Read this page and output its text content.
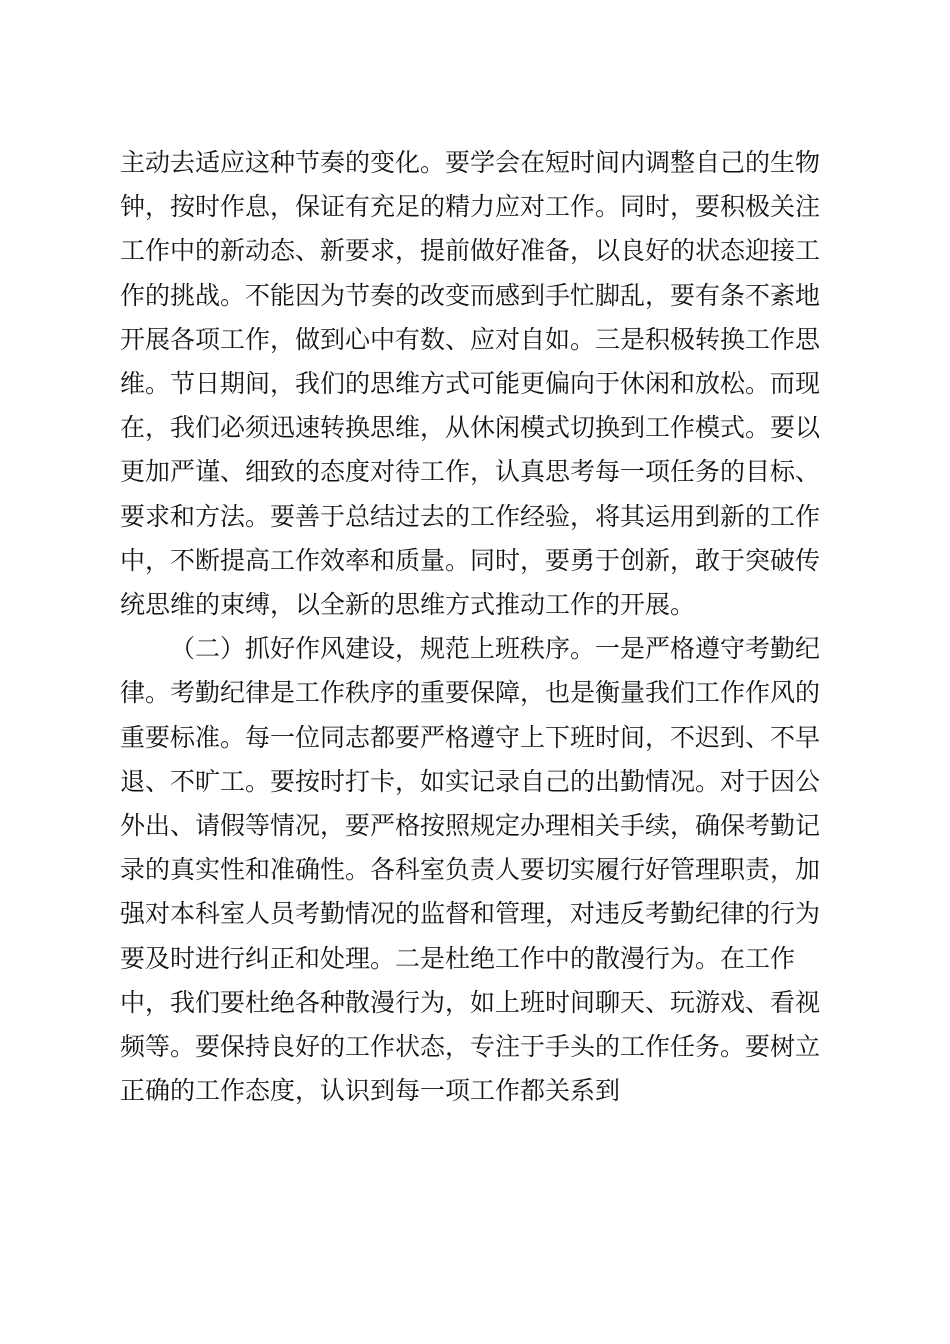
主动去适应这种节奏的变化。要学会在短时间内调整自己的生物钟，按时作息，保证有充足的精力应对工作。同时，要积极关注工作中的新动态、新要求，提前做好准备，以良好的状态迎接工作的挑战。不能因为节奏的改变而感到手忙脚乱，要有条不紊地开展各项工作，做到心中有数、应对自如。三是积极转换工作思维。节日期间，我们的思维方式可能更偏向于休闲和放松。而现在，我们必须迅速转换思维，从休闲模式切换到工作模式。要以更加严谨、细致的态度对待工作，认真思考每一项任务的目标、要求和方法。要善于总结过去的工作经验，将其运用到新的工作中，不断提高工作效率和质量。同时，要勇于创新，敢于突破传统思维的束缚，以全新的思维方式推动工作的开展。

（二）抓好作风建设，规范上班秩序。一是严格遵守考勤纪律。考勤纪律是工作秩序的重要保障，也是衡量我们工作作风的重要标准。每一位同志都要严格遵守上下班时间，不迟到、不早退、不旷工。要按时打卡，如实记录自己的出勤情况。对于因公外出、请假等情况，要严格按照规定办理相关手续，确保考勤记录的真实性和准确性。各科室负责人要切实履行好管理职责，加强对本科室人员考勤情况的监督和管理，对违反考勤纪律的行为要及时进行纠正和处理。二是杜绝工作中的散漫行为。在工作中，我们要杜绝各种散漫行为，如上班时间聊天、玩游戏、看视频等。要保持良好的工作状态，专注于手头的工作任务。要树立正确的工作态度，认识到每一项工作都关系到
